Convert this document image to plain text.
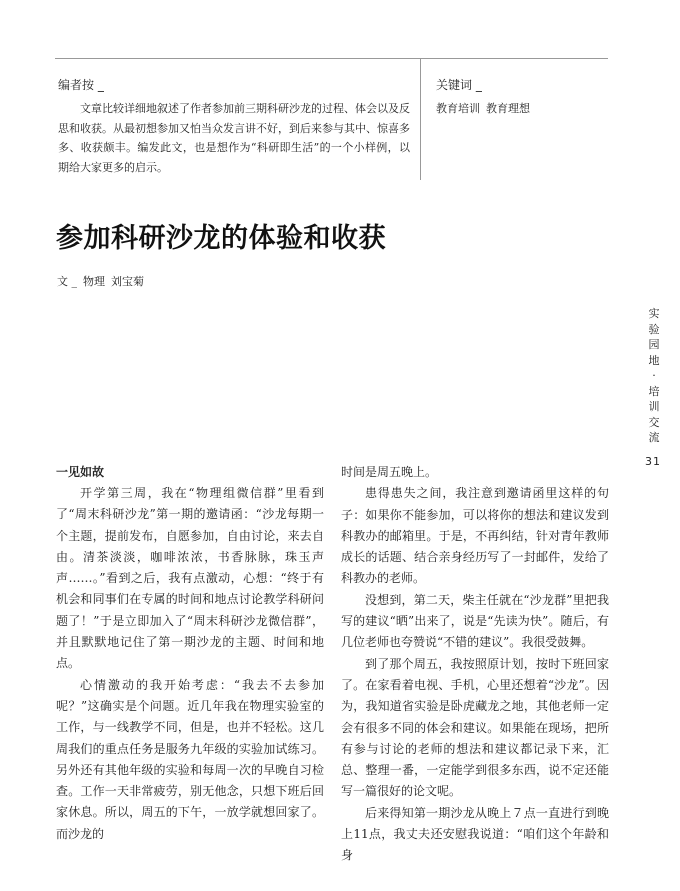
编者按 _

文章比较详细地叙述了作者参加前三期科研沙龙的过程、体会以及反思和收获。从最初想参加又怕当众发言讲不好，到后来参与其中、惊喜多多、收获颇丰。编发此文，也是想作为“科研即生活”的一个小样例，以期给大家更多的启示。

关键词 _

教育培训 教育理想

参加科研沙龙的体验和收获

文 _ 物理 刘宝菊

实
验
园
地
·
培
训
交
流
31

一见如故

开学第三周，我在“物理组微信群”里看到了“周末科研沙龙”第一期的邀请函：“沙龙每期一个主题，提前发布，自愿参加，自由讨论，来去自由。清茶淡淡，咖啡浓浓，书香脉脉，珠玉声声……。”看到之后，我有点激动，心想：“终于有机会和同事们在专属的时间和地点讨论教学科研问题了！”于是立即加入了“周末科研沙龙微信群”，并且默默地记住了第一期沙龙的主题、时间和地点。

心情激动的我开始考虑：“我去不去参加呢？”这确实是个问题。近几年我在物理实验室的工作，与一线教学不同，但是，也并不轻松。这几周我们的重点任务是服务九年级的实验加试练习。另外还有其他年级的实验和每周一次的早晚自习检查。工作一天非常疲劳，别无他念，只想下班后回家休息。所以，周五的下午，一放学就想回家了。而沙龙的

时间是周五晚上。

患得患失之间，我注意到邀请函里这样的句子：如果你不能参加，可以将你的想法和建议发到科教办的邮箱里。于是，不再纠结，针对青年教师成长的话题、结合亲身经历写了一封邮件，发给了科教办的老师。

没想到，第二天，柴主任就在“沙龙群”里把我写的建议“晒”出来了，说是“先读为快”。随后，有几位老师也夸赞说“不错的建议”。我很受鼓舞。

到了那个周五，我按照原计划，按时下班回家了。在家看着电视、手机，心里还想着“沙龙”。因为，我知道省实验是卧虎藏龙之地，其他老师一定会有很多不同的体会和建议。如果能在现场，把所有参与讨论的老师的想法和建议都记录下来，汇总、整理一番，一定能学到很多东西，说不定还能写一篇很好的论文呢。

后来得知第一期沙龙从晚上７点一直进行到晚上11点，我丈夫还安慰我说道：“咱们这个年龄和身
